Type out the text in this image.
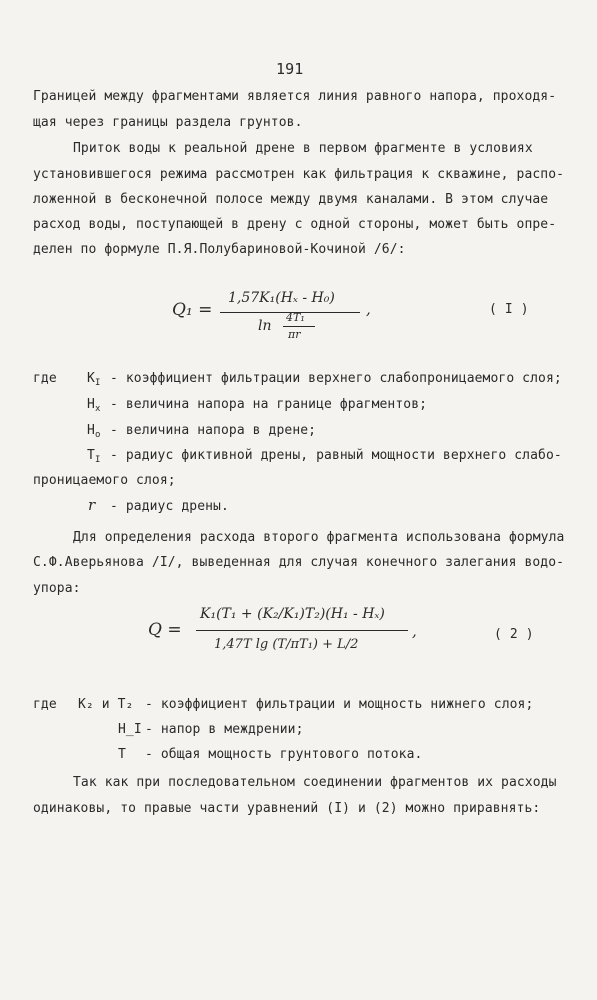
191
Границей между фрагментами является линия равного напора, проходя-
щая через границы раздела грунтов.
Приток воды к реальной дрене в первом фрагменте в условиях
установившегося режима рассмотрен как фильтрация к скважине, распо-
ложенной в бесконечной полосе между двумя каналами. В этом случае
расход воды, поступающей в дрену с одной стороны, может быть опре-
делен по формуле П.Я.Полубариновой-Кочиной /6/:
Q₁ =
1,57K₁(Hₓ - H₀)
ln
4T₁
πr
,	( I )
где $K_I$ - коэффициент фильтрации верхнего слабопроницаемого слоя;
$H_x$ - величина напора на границе фрагментов;
$H_o$ - величина напора в дрене;
$T_I$ - радиус фиктивной дрены, равный мощности верхнего слабо-
проницаемого слоя;
r - радиус дрены.
Для определения расхода второго фрагмента использована формула
С.Ф.Аверьянова /I/, выведенная для случая конечного залегания водо-
упора:
Q =
K₁(T₁ + (K₂/K₁)T₂)(H₁ - Hₓ)
1,47T lg (T/πT₁) + L/2
,	( 2 )
где K₂ и T₂ - коэффициент фильтрации и мощность нижнего слоя;
H_I - напор в междрении;
T - общая мощность грунтового потока.
Так как при последовательном соединении фрагментов их расходы
одинаковы, то правые части уравнений (I) и (2) можно приравнять:
